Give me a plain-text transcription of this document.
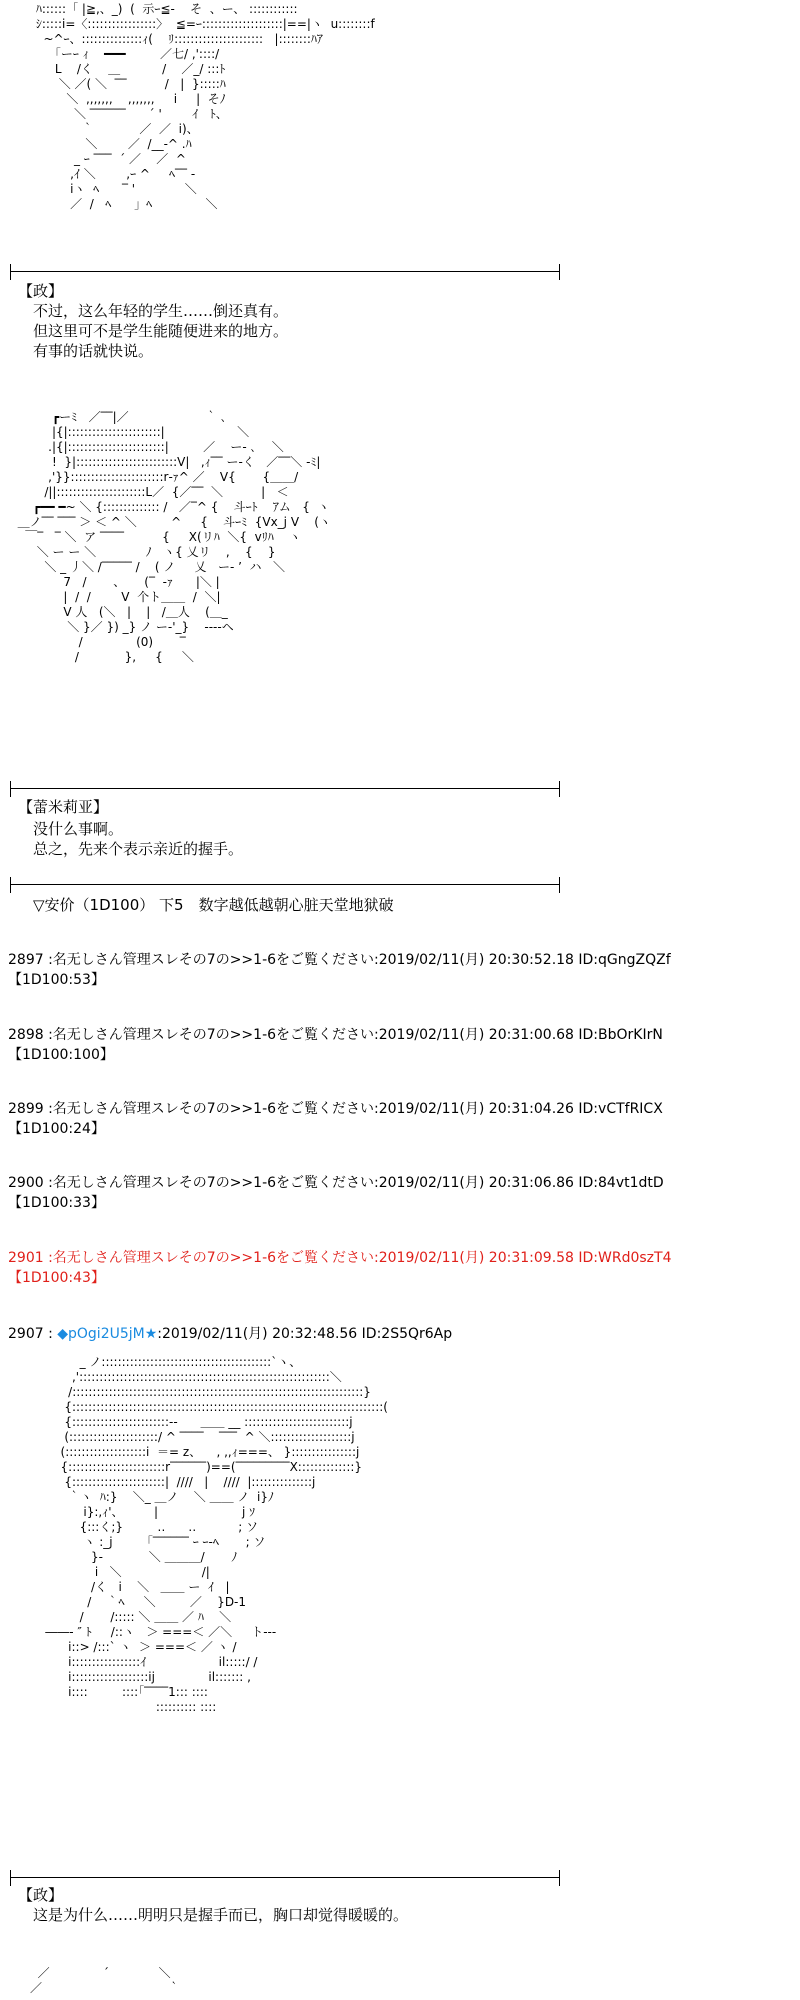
ﾊ::::::「 |≧,、_)  (  示ｰ≦-    そ  、ー、 ::::::::::::
ｼ:::::i=〈:::::::::::::::::〉  ≦=ｰ::::::::::::::::::::|==|ヽ  u::::::::f
~^ｰ、:::::::::::::::ｨ(    ﾘ::::::::::::::::::::::   |::::::::ﾊｱ
｢ーｰ ｨ    ━━━         ／七/ ,'::::/
L    /く    ＿           /    ／_/ :::ﾄ
＼ ／( ＼  ‾‾          /   |  }:::::ﾊ
＼  ,,,,,,,    ,,,,,,,     i     |  そﾉ
＼ ‾‾‾‾‾‾      ´ '        ｲ   ﾄ、
｀            ／  ／  i)、
＼        ／  /__-^ .ﾊ
_ ｰ ‾‾‾  ´ ／    ／  ^
,ｲ ＼        ,ｰ ^     ﾍ‾‾ -
iヽ  ﾍ      ‾ '             ＼
／  /   ﾍ      」ﾍ              ＼
【政】
不过，这么年轻的学生……倒还真有。
但这里可不是学生能随便进来的地方。
有事的话就快说。
┏ーﾐ   ／‾‾|／                    ｀ ､
|{|:::::::::::::::::::::::|                   ＼
.|{|::::::::::::::::::::::::|         ／    ー‐ ､    ＼
!  }|:::::::::::::::::::::::::V|   ,ｨ‾‾ ー‐く   ／‾‾＼ ‐ﾐ|
,'}}:::::::::::::::::::::::r‐ｧ^ ／    V{       {＿＿/
/||::::::::::::::::::::::L／  {／‾‾  ＼          |   ＜
┏━━ ━~ ＼ {:::::::::::::: /   ／‾^ {    斗ｰﾄ    ｱム   {  ヽ
＿ノ‾‾ ‾‾‾ ＞ ＜ ^ ＼         ^     {    斗ｰﾐ  {Vx_j V    (ヽ
￣‾   ‾ ＼  ア ‾‾‾‾          {     X(リﾊ  ＼{  vﾘﾊ    ヽ
＼ ー ー ＼             ﾉ   ヽ{ 乂リ    ,    {    }
＼ _ 丿＼ /‾‾‾‾‾ /    ( ノ     乂   ー‐ ’  ハ   ＼
7   /       、     (‾  ‐ｧ      |＼ |
|  /  /        V  个ト＿＿  /  ＼|
V 人   (＼   |    |   /＿人    (＿_
＼ }／ }) _} ノ ー‐'_}    ‐‐‐‐ヘ
/              (0)       ‾
/            },     {     ＼
【蕾米莉亚】
没什么事啊。
总之，先来个表示亲近的握手。
▽安价（1D100） 下5　数字越低越朝心脏天堂地狱破
2897 :名无しさん管理スレその7の>>1-6をご覧ください:2019/02/11(月) 20:30:52.18 ID:qGngZQZf
【1D100:53】
2898 :名无しさん管理スレその7の>>1-6をご覧ください:2019/02/11(月) 20:31:00.68 ID:BbOrKIrN
【1D100:100】
2899 :名无しさん管理スレその7の>>1-6をご覧ください:2019/02/11(月) 20:31:04.26 ID:vCTfRICX
【1D100:24】
2900 :名无しさん管理スレその7の>>1-6をご覧ください:2019/02/11(月) 20:31:06.86 ID:84vt1dtD
【1D100:33】
2901 :名无しさん管理スレその7の>>1-6をご覧ください:2019/02/11(月) 20:31:09.58 ID:WRd0szT4
【1D100:43】
2907 : ◆pOgi2U5jM★:2019/02/11(月) 20:32:48.56 ID:2S5Qr6Ap
_ ノ::::::::::::::::::::::::::::::::::::::::::`ヽ、
,'::::::::::::::::::::::::::::::::::::::::::::::::::::::::::::::＼
/::::::::::::::::::::::::::::::::::::::::::::::::::::::::::::::::::::::::}
{:::::::::::::::::::::::::::::::::::::::::::::::::::::::::::::::::::::::::::::(
{::::::::::::::::::::::::--      ＿＿ __ ::::::::::::::::::::::::::j
(::::::::::::::::::::::/ ^ ‾‾‾‾    ‾‾‾  ^ ＼::::::::::::::::::::j
(::::::::::::::::::::i  ＝= z、    , ,,ｨ===、 }::::::::::::::::j
{::::::::::::::::::::::::r‾‾‾‾‾‾)==(‾‾‾‾‾‾‾‾‾X::::::::::::::}
{:::::::::::::::::::::::|  ////   |    ////  |:::::::::::::::j
｀ヽ  ﾊ:}    ＼_ ＿ノ    ＼ ＿＿ ノ  i}ﾉ
i}:,ｨ'、        |                      j ｿ
{:::く;}         ‥      ‥           ; ソ
ヽ :_j         ｢‾‾‾‾‾‾ ｰ ｰ‐ﾍ       ; ソ
}‐            ＼ ＿＿＿/       ﾉ
i   ＼                     /|
/く   i    ＼   ＿＿ ー  ｲ   |
/    ｀ﾍ     ＼         ／    }D-1
/       /::::: ＼ ＿＿ ／ ﾊ    ＼
――‐ ″ ﾄ     /::ヽ   ＞ ===＜ ／＼     ト‐‐‐
i::> /:::` ヽ  ＞ ===＜ ／ ヽ /
i:::::::::::::::::ｲ                   il:::::/ /
i:::::::::::::::::::ij              il::::::: ,
i::::         ::::｢‾‾‾‾1::: ::::
:::::::::: ::::
【政】
这是为什么……明明只是握手而已，胸口却觉得暖暖的。
／              ´             ＼
／                                 ｀
